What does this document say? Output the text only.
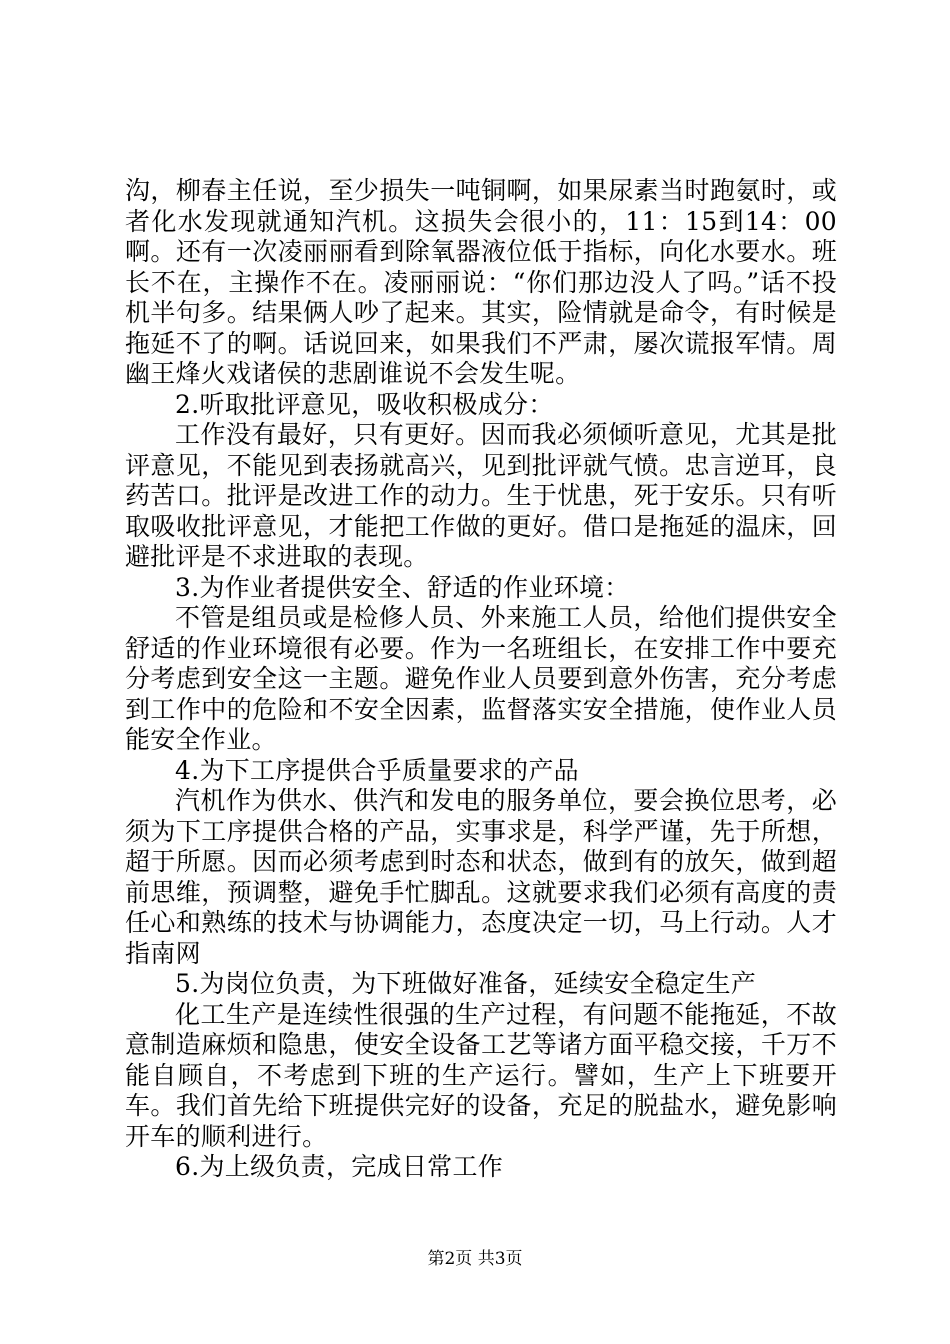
沟，柳春主任说，至少损失一吨铜啊，如果尿素当时跑氨时，或者化水发现就通知汽机。这损失会很小的，11：15到14：00啊。还有一次凌丽丽看到除氧器液位低于指标，向化水要水。班长不在，主操作不在。凌丽丽说：“你们那边没人了吗。”话不投机半句多。结果俩人吵了起来。其实，险情就是命令，有时候是拖延不了的啊。话说回来，如果我们不严肃，屡次谎报军情。周幽王烽火戏诸侯的悲剧谁说不会发生呢。

2.听取批评意见，吸收积极成分：

工作没有最好，只有更好。因而我必须倾听意见，尤其是批评意见，不能见到表扬就高兴，见到批评就气愤。忠言逆耳，良药苦口。批评是改进工作的动力。生于忧患，死于安乐。只有听取吸收批评意见，才能把工作做的更好。借口是拖延的温床，回避批评是不求进取的表现。

3.为作业者提供安全、舒适的作业环境：

不管是组员或是检修人员、外来施工人员，给他们提供安全舒适的作业环境很有必要。作为一名班组长，在安排工作中要充分考虑到安全这一主题。避免作业人员要到意外伤害，充分考虑到工作中的危险和不安全因素，监督落实安全措施，使作业人员能安全作业。

4.为下工序提供合乎质量要求的产品

汽机作为供水、供汽和发电的服务单位，要会换位思考，必须为下工序提供合格的产品，实事求是，科学严谨，先于所想，超于所愿。因而必须考虑到时态和状态，做到有的放矢，做到超前思维，预调整，避免手忙脚乱。这就要求我们必须有高度的责任心和熟练的技术与协调能力，态度决定一切，马上行动。人才指南网

5.为岗位负责，为下班做好准备，延续安全稳定生产

化工生产是连续性很强的生产过程，有问题不能拖延，不故意制造麻烦和隐患，使安全设备工艺等诸方面平稳交接，千万不能自顾自，不考虑到下班的生产运行。譬如，生产上下班要开车。我们首先给下班提供完好的设备，充足的脱盐水，避免影响开车的顺利进行。

6.为上级负责，完成日常工作

第2页 共3页
